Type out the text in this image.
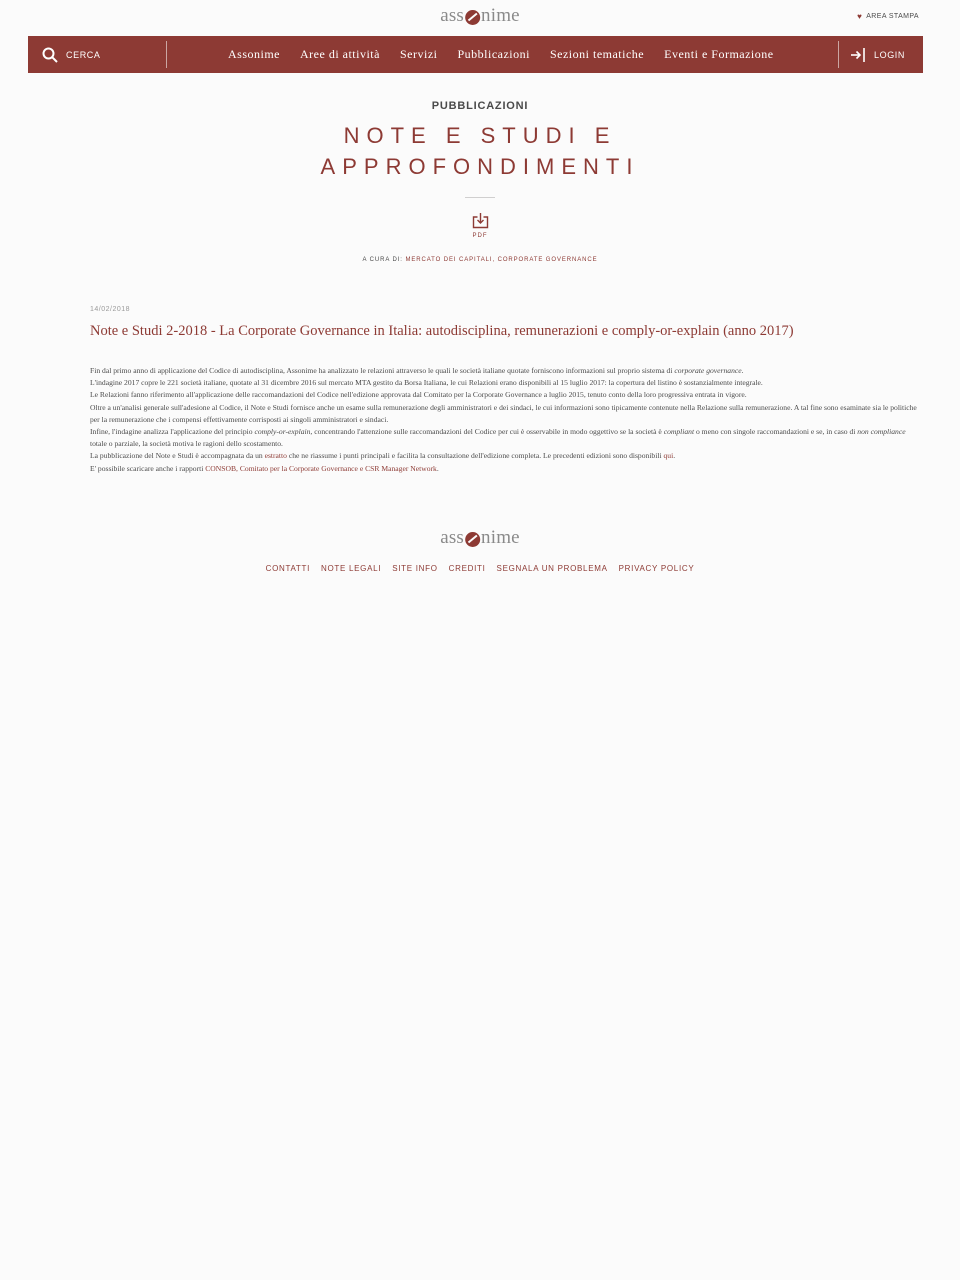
ass nime	♥ AREA STAMPA
CERCA	Assonime Aree di attività Servizi Pubblicazioni Sezioni tematiche Eventi e Formazione	LOGIN
PUBBLICAZIONI
NOTE E STUDI E
APPROFONDIMENTI
PDF
A CURA DI: MERCATO DEI CAPITALI, CORPORATE GOVERNANCE
14/02/2018
Note e Studi 2-2018 - La Corporate Governance in Italia: autodisciplina, remunerazioni e comply-or-explain (anno 2017)

Fin dal primo anno di applicazione del Codice di autodisciplina, Assonime ha analizzato le relazioni attraverso le quali le società italiane quotate forniscono informazioni sul proprio sistema di corporate governance.

L'indagine 2017 copre le 221 società italiane, quotate al 31 dicembre 2016 sul mercato MTA gestito da Borsa Italiana, le cui Relazioni erano disponibili al 15 luglio 2017: la copertura del listino è sostanzialmente integrale.

Le Relazioni fanno riferimento all'applicazione delle raccomandazioni del Codice nell'edizione approvata dal Comitato per la Corporate Governance a luglio 2015, tenuto conto della loro progressiva entrata in vigore.

Oltre a un'analisi generale sull'adesione al Codice, il Note e Studi fornisce anche un esame sulla remunerazione degli amministratori e dei sindaci, le cui informazioni sono tipicamente contenute nella Relazione sulla remunerazione. A tal fine sono esaminate sia le politiche per la remunerazione che i compensi effettivamente corrisposti ai singoli amministratori e sindaci.

Infine, l'indagine analizza l'applicazione del principio comply-or-explain, concentrando l'attenzione sulle raccomandazioni del Codice per cui è osservabile in modo oggettivo se la società è compliant o meno con singole raccomandazioni e se, in caso di non compliance totale o parziale, la società motiva le ragioni dello scostamento.

La pubblicazione del Note e Studi è accompagnata da un estratto che ne riassume i punti principali e facilita la consultazione dell'edizione completa. Le precedenti edizioni sono disponibili qui.

E' possibile scaricare anche i rapporti CONSOB, Comitato per la Corporate Governance e CSR Manager Network.

ass nime
CONTATTI NOTE LEGALI SITE INFO CREDITI SEGNALA UN PROBLEMA PRIVACY POLICY
